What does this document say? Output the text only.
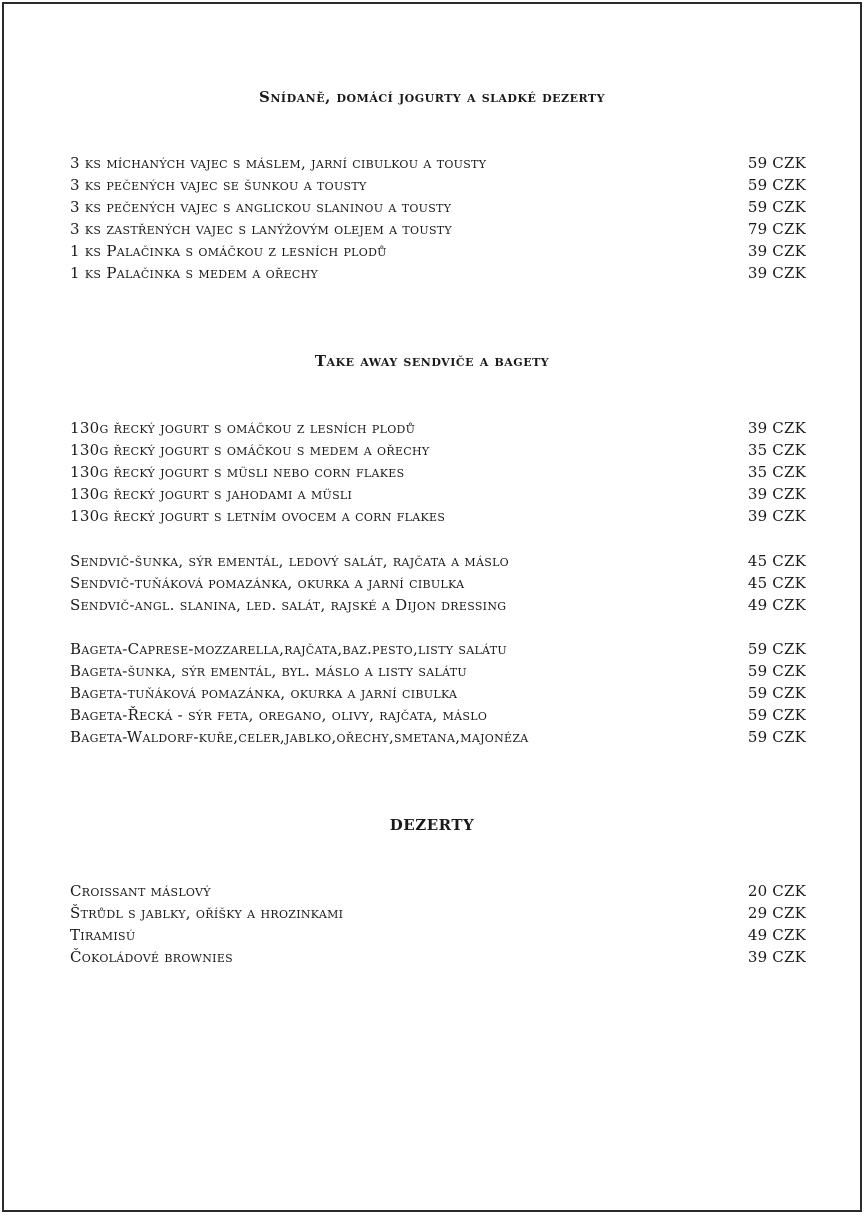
Snídaně, domácí jogurty a sladké dezerty
3 ks míchaných vajec s máslem, jarní cibulkou a tousty	59 CZK
3 ks pečených vajec se šunkou a tousty	59 CZK
3 ks pečených vajec s anglickou slaninou a tousty	59 CZK
3 ks zastřených vajec s lanýžovým olejem a tousty	79 CZK
1 ks Palačinka s omáčkou z lesních plodů	39 CZK
1 ks Palačinka s medem a ořechy	39 CZK
Take away sendviče a bagety
130g řecký jogurt s omáčkou z lesních plodů	39 CZK
130g řecký jogurt s omáčkou s medem a ořechy	35 CZK
130g řecký jogurt s müsli nebo corn flakes	35 CZK
130g řecký jogurt s jahodami a müsli	39 CZK
130g řecký jogurt s letním ovocem a corn flakes	39 CZK
Sendvič-šunka, sýr ementál, ledový salát, rajčata a máslo	45 CZK
Sendvič-tuňáková pomazánka, okurka a jarní cibulka	45 CZK
Sendvič-angl. slanina, led. salát, rajské a Dijon dressing	49 CZK
Bageta-Caprese-mozzarella,rajčata,baz.pesto,listy salátu	59 CZK
Bageta-šunka, sýr ementál, byl. máslo a listy salátu	59 CZK
Bageta-tuňáková pomazánka, okurka a jarní cibulka	59 CZK
Bageta-Řecká - sýr feta, oregano, olivy, rajčata, máslo	59 CZK
Bageta-Waldorf-kuře,celer,jablko,ořechy,smetana,majonéza	59 CZK
DEZERTY
Croissant máslový	20 CZK
Štrůdl s jablky, oříšky a hrozinkami	29 CZK
Tiramisú	49 CZK
Čokoládové brownies	39 CZK
